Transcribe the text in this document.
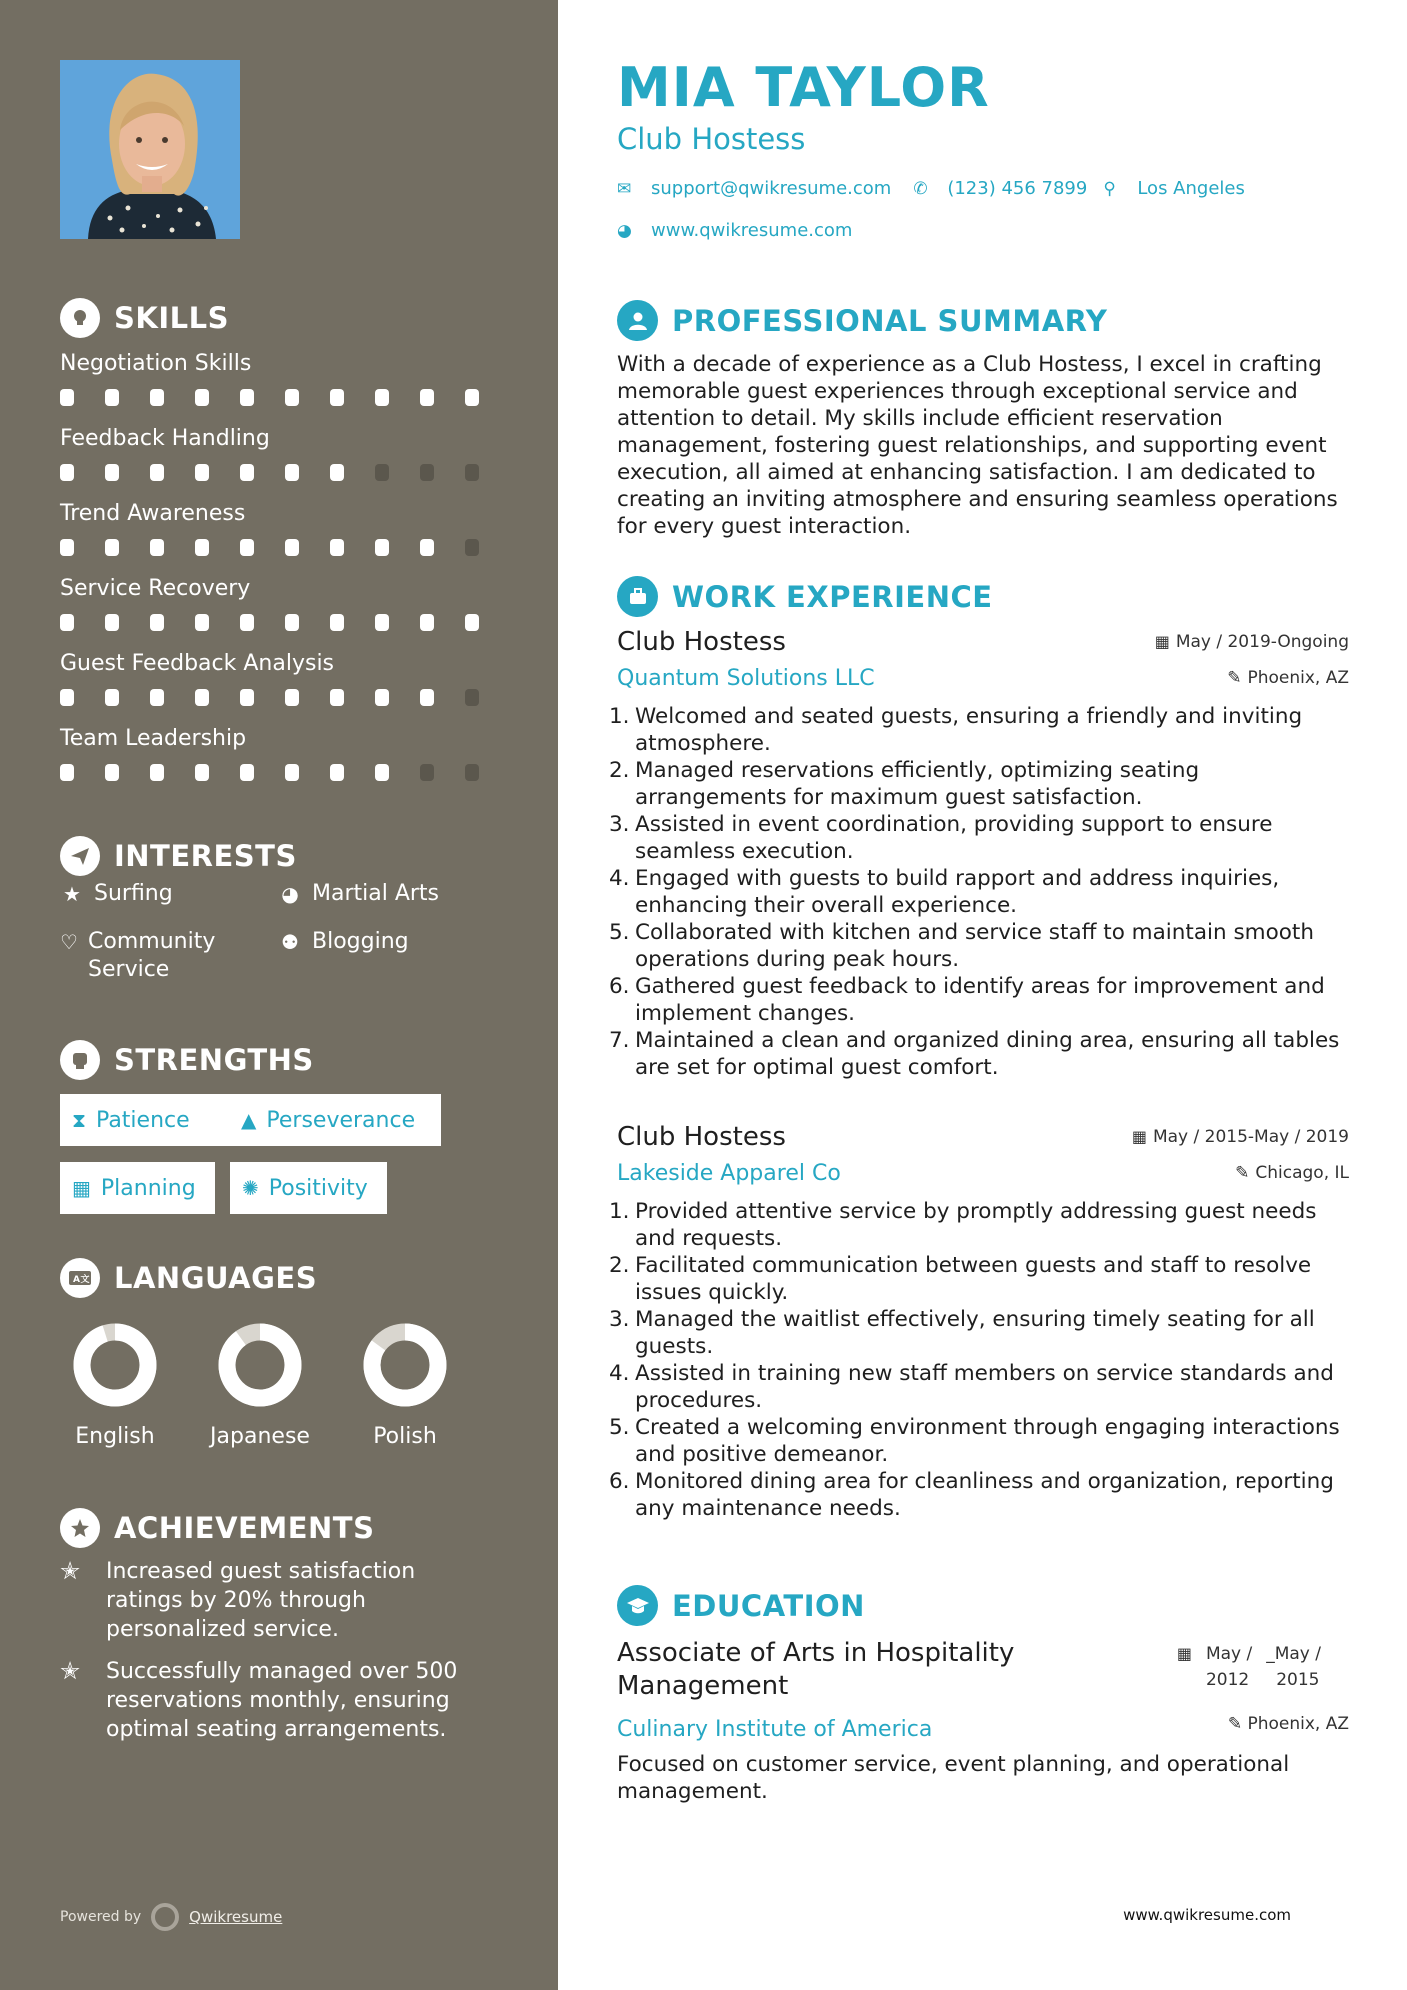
SKILLS
Negotiation Skills
Feedback Handling
Trend Awareness
Service Recovery
Guest Feedback Analysis
Team Leadership
INTERESTS
★ Surfing	◕ Martial Arts
♡ Community Service
⚉ Blogging
STRENGTHS
⧗ Patience	▲ Perseverance
▦ Planning ✺ Positivity
A文 LANGUAGES
English	Japanese	Polish
ACHIEVEMENTS
✭	Increased guest satisfaction ratings by 20% through personalized service.
✭	Successfully managed over 500 reservations monthly, ensuring optimal seating arrangements.
Powered by	Qwikresume
MIA TAYLOR
Club Hostess
✉	support@qwikresume.com ✆	(123) 456 7899 ⚲	Los Angeles
◕	www.qwikresume.com
PROFESSIONAL SUMMARY
With a decade of experience as a Club Hostess, I excel in crafting memorable guest experiences through exceptional service and attention to detail. My skills include efficient reservation management, fostering guest relationships, and supporting event execution, all aimed at enhancing satisfaction. I am dedicated to creating an inviting atmosphere and ensuring seamless operations for every guest interaction.
WORK EXPERIENCE
Club Hostess
Quantum Solutions LLC
▦ May / 2019-Ongoing
✎ Phoenix, AZ
1. Welcomed and seated guests, ensuring a friendly and inviting atmosphere.
2. Managed reservations efficiently, optimizing seating arrangements for maximum guest satisfaction.
3. Assisted in event coordination, providing support to ensure seamless execution.
4. Engaged with guests to build rapport and address inquiries, enhancing their overall experience.
5. Collaborated with kitchen and service staff to maintain smooth operations during peak hours.
6. Gathered guest feedback to identify areas for improvement and implement changes.
7. Maintained a clean and organized dining area, ensuring all tables are set for optimal guest comfort.
Club Hostess
Lakeside Apparel Co
▦ May / 2015-May / 2019
✎ Chicago, IL
1. Provided attentive service by promptly addressing guest needs and requests.
2. Facilitated communication between guests and staff to resolve issues quickly.
3. Managed the waitlist effectively, ensuring timely seating for all guests.
4. Assisted in training new staff members on service standards and procedures.
5. Created a welcoming environment through engaging interactions and positive demeanor.
6. Monitored dining area for cleanliness and organization, reporting any maintenance needs.
EDUCATION
Associate of Arts in Hospitality Management
▦ May /
2012
_May /
2015
✎ Phoenix, AZ
Culinary Institute of America
Focused on customer service, event planning, and operational management.
www.qwikresume.com
